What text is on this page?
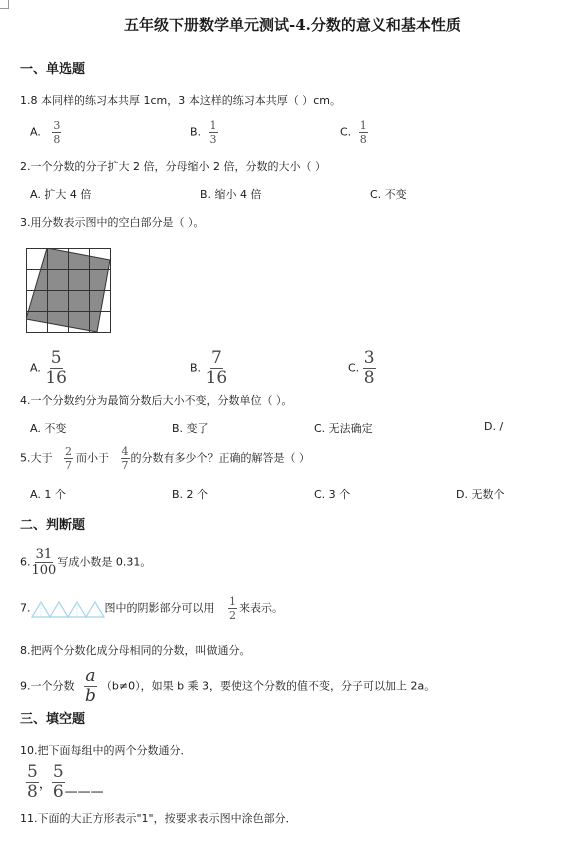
五年级下册数学单元测试-4.分数的意义和基本性质
一、单选题
1.8 本同样的练习本共厚 1cm，3 本这样的练习本共厚（ ）cm。
A. $\frac{3}{8}$	B. $\frac{1}{3}$	C. $\frac{1}{8}$
2.一个分数的分子扩大 2 倍，分母缩小 2 倍，分数的大小（ ）
A. 扩大 4 倍	B. 缩小 4 倍	C. 不变
3.用分数表示图中的空白部分是（ ）。
A. $\frac{5}{16}$	B. $\frac{7}{16}$	C. $\frac{3}{8}$
4.一个分数约分为最简分数后大小不变，分数单位（ ）。
A. 不变	B. 变了	C. 无法确定	D. /
5.大于 $\frac{2}{7}$ 而小于 $\frac{4}{7}$ 的分数有多少个？正确的解答是（ ）
A. 1 个	B. 2 个	C. 3 个	D. 无数个
二、判断题
6. $\frac{31}{100}$ 写成小数是 0.31。
7.	图中的阴影部分可以用 $\frac{1}{2}$ 来表示。
8.把两个分数化成分母相同的分数，叫做通分。
9.一个分数 $\frac{a}{b} (b\ne 0)$，如果 b 乘 3，要使这个分数的值不变，分子可以加上 2a。
三、填空题
10.把下面每组中的两个分数通分．
$\frac{5}{8}$ ， $\frac{5}{6}$ ———
11.下面的大正方形表示"1"，按要求表示图中涂色部分．
